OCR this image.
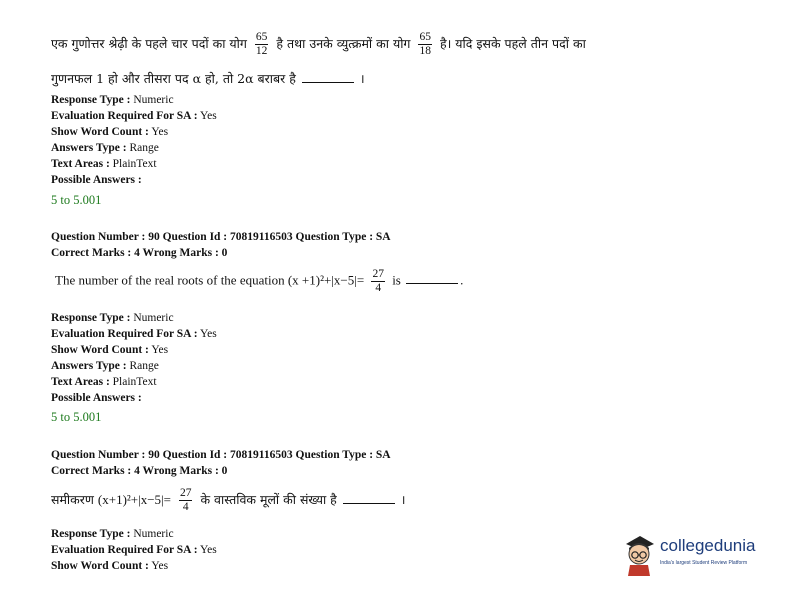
एक गुणोत्तर श्रेढ़ी के पहले चार पदों का योग $\frac{65}{12}$ है तथा उनके व्युत्क्रमों का योग $\frac{65}{18}$ है। यदि इसके पहले तीन पदों का
गुणनफल 1 हो और तीसरा पद α हो, तो 2α बराबर है	।
Response Type : Numeric
Evaluation Required For SA : Yes
Show Word Count : Yes
Answers Type : Range
Text Areas : PlainText
Possible Answers :
5 to 5.001
Question Number : 90 Question Id : 70819116503 Question Type : SA
Correct Marks : 4 Wrong Marks : 0
The number of the real roots of the equation $(x +1)^2+|x-5|= \frac{27}{4}$ is	.
Response Type : Numeric
Evaluation Required For SA : Yes
Show Word Count : Yes
Answers Type : Range
Text Areas : PlainText
Possible Answers :
5 to 5.001
Question Number : 90 Question Id : 70819116503 Question Type : SA
Correct Marks : 4 Wrong Marks : 0
समीकरण $(x+1)^2+|x-5|= \frac{27}{4}$ के वास्तविक मूलों की संख्या है	।
Response Type : Numeric
Evaluation Required For SA : Yes
Show Word Count : Yes
collegedunia
India's largest Student Review Platform
